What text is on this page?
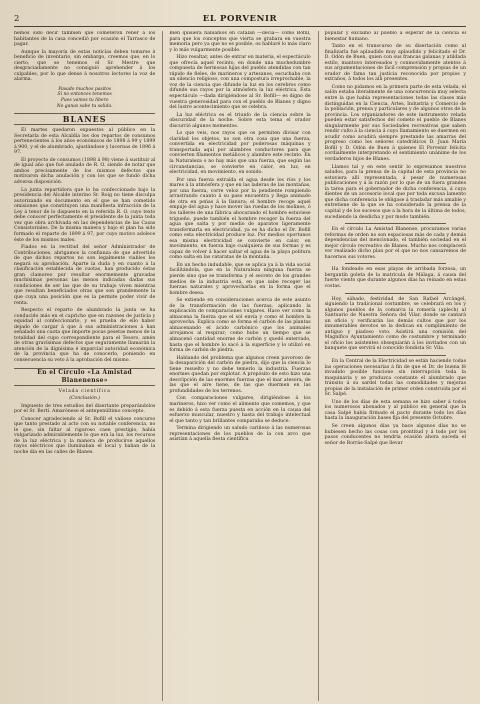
2	EL PORVENIR

hemos sido decir también que cometeron reber a los habitantes de la casa concedió por ocasión el Tarrasco de pagar.

Aunque la mayoría de estas noticias deben tomarse á beneficio de inventario, sin embargo, creemos que, en lo cierto, que se tenemos el Sr. Mestre que desgraciadamente no consiguió aprehender á los culpables, por lo que dense á nosotros lectores la voz de alarma.

Pasado muchos pasitos
Si no entonces tenemos
Pues vamos tu libero
No ganas sabe tu salida.
BLANES

El martes quedaron expuestos al público en la Secretaría de esta Alcaldía los dos repartos de consumos pertenecientes á los años económicos de 1898 á 99 y 1899 á 900, y el de alumbrado, ajustándose y lucernas de 1896 á 97.

El proyecto de consumos (1898 á 98) viene á sustituir al de igual año que fué anulado de R. O. siendo de notar que ambos precisamente de los mismos defectos que motivaron dicha anulación y con los que se fundó dicha adversa disposición.

La junta repartidora que lo ha confeccionado bajo la presidencia del Alcalde interino Sr. Roig no tiene disculpa autorizando en documento en el que se han cometido omisiones que constituyen una manifiesta infracción de la Ley á tenor de lo dispuesto en la referida R. O. cuyo texto debe conocer perfectamente el presidente de la junta toda vez que obra archivada en las dependencias de las Casas Consistoriales. De la misma manera y bajo el plan ha sido formado el reparto de 1899 á 97, por cuyo motivo adolece éste de los mismos males.

Fiados en la rectitud del señor Administrador de Contribuciones, abrigamos la confianza de que advertido de que dichos repartos no son legalmente viables les negará su aprobación. Aparte la duda y en cuanto á la clasificación establecida de cuotas, han producido éstas gran clamoreo por resultar enormemente gravadas muchísimas personas las menos indicadas dadas sus condiciones de ser las que de su trabajo viven mientras que resultan beneficiados otras que son grandemente la que cuya una posición que es la permite poder vivir de renta.

Respecto el reparto de alumbrado la junta se ha conducido más en el capricho que en razones de justicia y equidad al confeccionarlo, y es prueba de ello haber dejado de cargar á que á sus administraciones á han señalado una cuota que importe pocas pesetas menos de la totalidad del cupo correspondiente para el Tesoro, amén de otras gravísimas defectos que seguramente llamarán la atención de la dignísima é imparcial autoridad económica de la provincia que ha de conocerlo, poniendo en consecuencia su veto á la aprobación del mismo.

En el Círculo «La Amistad Blanenense»
Velada científica
(Conclusión.)

Impuesto de tres estudios del disertante preparándolos por el Sr. Bertí. Amarónese el antepenúltimo concepto.

Conocer agradeciendo al Sr. Bofill el valioso concurso que tanto prestado al acto con su notable conferencia, no le que, sin faltar al riguroso caen prestigio, había vulgarizado admirablemente lo que era la luz, los recursos de la luz eléctrica y la manera de producirse aquellos rayos eléctricos que iluminaban el local y bañan de la noche día en las calles de Blanes.

Bien quisiera habíamos en catalán —decía— como Bofill, para que los conceptos que vierta se grabara en vuestra memoria pero ya que no es posible, os hablaré lo más claro y lo más vulgarmente posible.

Hizo resaltar, antes de entrar en materia, el espectáculo que ofrecía aquel recinto, en donde una muchedumbre compuesta de hermosas hijas del pueblo atendidas con tan rápido de fieles, de marineros y artesanos, escuchaba con un silencio religioso, con una compostura irreprochable, la voz de la ciencia que difunde la luz en los cerebros como difunde sus rayos por la atmósfera la luz eléctrica. Esta espectáculo —dada dirigiéndose al Sr. Bofill— es digno de vuestra generosidad para con el pueblo de Blanes y digno del lustre acontecimiento que se celebra.

La luz eléctrica es el triunfo de la ciencia sobre la obscuridad de la noche. Sobre esta tema el orador discurrió algunos momentos.

Lo que veis, nos rayos que os permiten divisar con claridad los objetos, no son otra cosa que una fuerza, convertida en electricidad por poderosas máquinas y transportada aquí por alambres conductores para que convierten filamentos metálicos y alambre este recinto. En la Naturaleza o no hay más que una fuerza, que según las circunstancias, se convierte en calor, en luz, en electricidad, en movimiento, en sonido.

Por una fuerza extraída el agua desde los ríos y los mares á la atmósfera y que en las laderas de las montañas, por una fuerza, corre veloz por la pendiente rompiendo arrastrando cuanto á su paso encuentra y llega animado de otra en peñas á la llanura; el hombre recoge aquel empuje del agua y hace mover las ruedas de los molinos, ó los talleres de una fábrica abocarando el hombre estuviese trigueño, puede también el hombre recoger la fuerza del agua que salta y por medio de aparatos ligeramente transformarla en electricidad, ya es ha dicho el Dr. Bofill como esta electricidad produce luz. Por medios oportunos esa misma electricidad se convierte en calor, en movimiento, en fuerza bajo cualquiera de sus formas y es capaz de volver á hacer saltar el agua de la playa politura como salta en las cataratas de la montaña.

En un hecho indudable, que se aplica ya á la vida social facilitándola, que en la Naturaleza ninguna fuerza se pierde sino que se transforma y el secreto de los grandes medios de la industria está, en que sabe recoger las fuerzas naturales y aprovecharlas en la forma que el hombre desea.

Se extiende en consideraciones acerca de este asunto de la transformación de las fuerzas, aplicando la explicación de comparaciones vulgares. Hace ver como la almacena la fuerza que el sol envía y como el hombre la aprovecha. Explica como se forma el carbón de las plantas almacenando el ácido carbónico que los animales arrojamos al respirar; como hubo un tiempo que se almacenó cantidad enorme de carbón y quedó enterrado, hasta que el hombre lo sacó á la superficie y lo utilizó en forma de carbón de piedra.

Hablando del problema que algunos creen pavoroso de la desaparición del carbón de piedra, dijo que la ciencia lo tiene resuelto y no debe temerlo la industria. Fuerzas enormes quedan por explotar. A propósito de esto hizo una descripción de las enormes fuerzas que el mar atesora, de las que el aire tiene, de las que duermen en las profundidades de los terrenos.

Con comparaciones vulgares, dirigiéndose á los marineros, hizo ver como el alimento que comemos, y que es debido á esta fuerza puesta en acción en la causa del esfuerzo muscular, nuestro y hasta del trabajo intelectual el que tanto y tan brillantes comparaba se deduce.

Termina dirigiendo un saludo cariñoso á las numerosas representaciones de los pueblos de la con arco que asistían á aquella fiesta científica

popular y exclamó al pueblo á esperar de la ciencia el bienestar humano.

Tanto en el transcurso de su disertación como al finalizarla fué aplaudido muy aplaudido y felicitado el Dr. D. Odón de Buen, quien con sus francas galanas y atildada estilo, mantuvo interesados y conmovidamente atentos á sus argumentaciones de fácil comprensión y propias de un orador de fama tan justicia reconocida por propios y extraños, á todos los allí presentes.

Como no pidamos en la primera parte de esta velada, el salón estaba literalmente de una concurrencia muy selecta entre la que había representaciones todas las clases más distinguidas en la Ciencia, Artes, Industria y Comercio de la población, prensa y particulares y de algunos otros de la provincia. Los organizadores de este instrumento velada pueden estar satisfechos del cometo el pueblo de Blanes singularmente por sus Sociedades recreativas que saben rendir culto á la ciencia á cuyo llamamiento se duermen en acudir como acudirá siempre prestando las amarras del progreso como los señores catedráticos D. Juan María Bofill y D. Odón de Buen á quienes El Porvenir felicita cordialmente interpretando el sentimiento unánime de los verdaderos hijos de Blanes.

Llamos tal y en este sentir lo expresamos nuestros saludos, para la prensa de la capital de esta provincia no estuviera allí representada, á pesar de numerosas publicaciones y á la razón por lo que de un fuera grandes la tarea para el gobernador de dicha conferencia, á cuya dientes de un accesorio local que por toda excusa lamento que dicha conferencia le obligase á trasladar más amable y entretiene de la que se ha considerado la prensa de la capital y de los sucesos que a la hora de la última de todos, sucediendo la desdicha y por modo también.

En el círculo La Amistad Blanense, procuramos varias reformas de orden no son espaciosas más de cada y demás dependencias del mencionado, el también sociedad en el mejor círculo recreativo de Blanes. Mucho nos complacerá ver realizado dicho plan por el que no nos cansaremos de hacernos sus votores.

Ha fondeado en esas playas de arribada forzosa, un bergantín goleta de la matrícula de Málaga, á causa del fuerte viento que durante algunos días ha reinado en estas costas.

Hoy, sábado, festividad de San Rafael Arcángel, siguiendo la tradicional costumbre, se celebrará en los y algunos pueblos de la comarca la romería (aplech) al Santuario de Nuestra Señora del Vilar, donde se cantará un oficio y verificarán los demás cultos que por los innumerables devotos se la dedican en cumplimiento de antiguo y piadoso voto. Asistirá una comisión del Magnífico Ayuntamiento como de costumbre y terminado el oficio los asistentes obsequiarán á los invitados con un banquete que servirá el conocido fondista Sr. Vila.

En la Central de la Electricidad se están haciendo todas las operaciones necesarias á fin de que el Dr. de buena fé invadido posible funcione sin interrupción toda la maquinaria y se produzca constante el alumbrado que tránsito á su sardel todas las comodidades y mejoras propias de la instalación de primer orden construida por el Sr. Salpé.

Uno de los días de esta semana se hizo saber á todos los numerosos abonados y al público en general que la casa Salpé había firmado el pacto durante todo los días hasta la inauguración bases fija del presente Octubre.

Se creen algunos días ya hace algunos días no se hubiesen hecho las cosas con prontitud y á todo por los pasos conducentes no tendría ocasión ahora suceda el señor de Borrás-Salpé que llevar
